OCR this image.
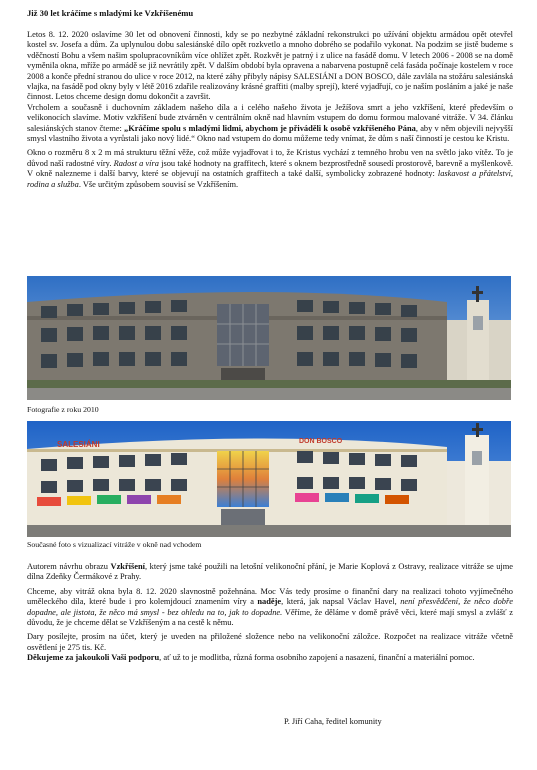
Již 30 let kráčíme s mladými ke Vzkříšenému

Letos 8. 12. 2020 oslavíme 30 let od obnovení činnosti, kdy se po nezbytné základní rekonstrukci po užívání objektu armádou opět otevřel kostel sv. Josefa a dům. Za uplynulou dobu salesiánské dílo opět rozkvetlo a mnoho dobrého se podařilo vykonat. Na podzim se jistě budeme s vděčností Bohu a všem našim spolupracovníkům více ohlížet zpět. Rozkvět je patrný i z ulice na fasádě domu. V letech 2006 - 2008 se na domě vyměnila okna, mříže po armádě se již nevrátily zpět. V dalším období byla opravena a nabarvena postupně celá fasáda počínaje kostelem v roce 2008 a konče přední stranou do ulice v roce 2012, na které záhy přibyly nápisy SALESIÁNI a DON BOSCO, dále zavlála na stožáru salesiánská vlajka, na fasádě pod okny byly v létě 2016 zdařile realizovány krásné graffiti (malby sprejí), které vyjadřují, co je naším posláním a jaké je naše činnost. Letos chceme design domu dokončit a završit.

Vrcholem a současně i duchovním základem našeho díla a i celého našeho života je Ježíšova smrt a jeho vzkříšení, které především o velikonocích slavíme. Motiv vzkříšení bude ztvárněn v centrálním okně nad hlavním vstupem do domu formou malované vitráže. V 34. článku salesiánských stanov čteme: „Kráčíme spolu s mladými lidmi, abychom je přiváděli k osobě vzkříšeného Pána, aby v něm objevili nejvyšší smysl vlastního života a vyrůstali jako nový lidé.“ Okno nad vstupem do domu můžeme tedy vnímat, že dům s naší činností je cestou ke Kristu.

Okno o rozměru 8 x 2 m má strukturu těžní věže, což může vyjadřovat i to, že Kristus vychází z temného hrobu ven na světlo jako vítěz. To je důvod naší radostné víry. Radost a víra jsou také hodnoty na graffitech, které s oknem bezprostředně sousedí prostorově, barevně a myšlenkově. V okně nalezneme i další barvy, které se objevují na ostatních graffitech a také další, symbolicky zobrazené hodnoty: laskavost a přátelství, rodina a služba. Vše určitým způsobem souvisí se Vzkříšením.

Fotografie z roku 2010
SALESIÁNI	DON BOSCO
Současné foto s vizualizací vitráže v okně nad vchodem

Autorem návrhu obrazu Vzkříšení, který jsme také použili na letošní velikonoční přání, je Marie Koplová z Ostravy, realizace vitráže se ujme dílna Zdeňky Čermákové z Prahy.

Chceme, aby vitráž okna byla 8. 12. 2020 slavnostně požehnána. Moc Vás tedy prosíme o finanční dary na realizaci tohoto vyjímečného uměleckého díla, které bude i pro kolemjdoucí znamením víry a naděje, která, jak napsal Václav Havel, není přesvědčení, že něco dobře dopadne, ale jistota, že něco má smysl - bez ohledu na to, jak to dopadne. Věříme, že děláme v domě právě věci, které mají smysl a zvlášť z důvodu, že je chceme dělat se Vzkříšeným a na cestě k němu.

Dary posílejte, prosím na účet, který je uveden na přiložené složence nebo na velikonoční záložce. Rozpočet na realizace vitráže včetně osvětlení je 275 tis. Kč.

Děkujeme za jakoukoli Vaši podporu, ať už to je modlitba, různá forma osobního zapojení a nasazení, finanční a materiální pomoc.

P. Jiří Caha, ředitel komunity
